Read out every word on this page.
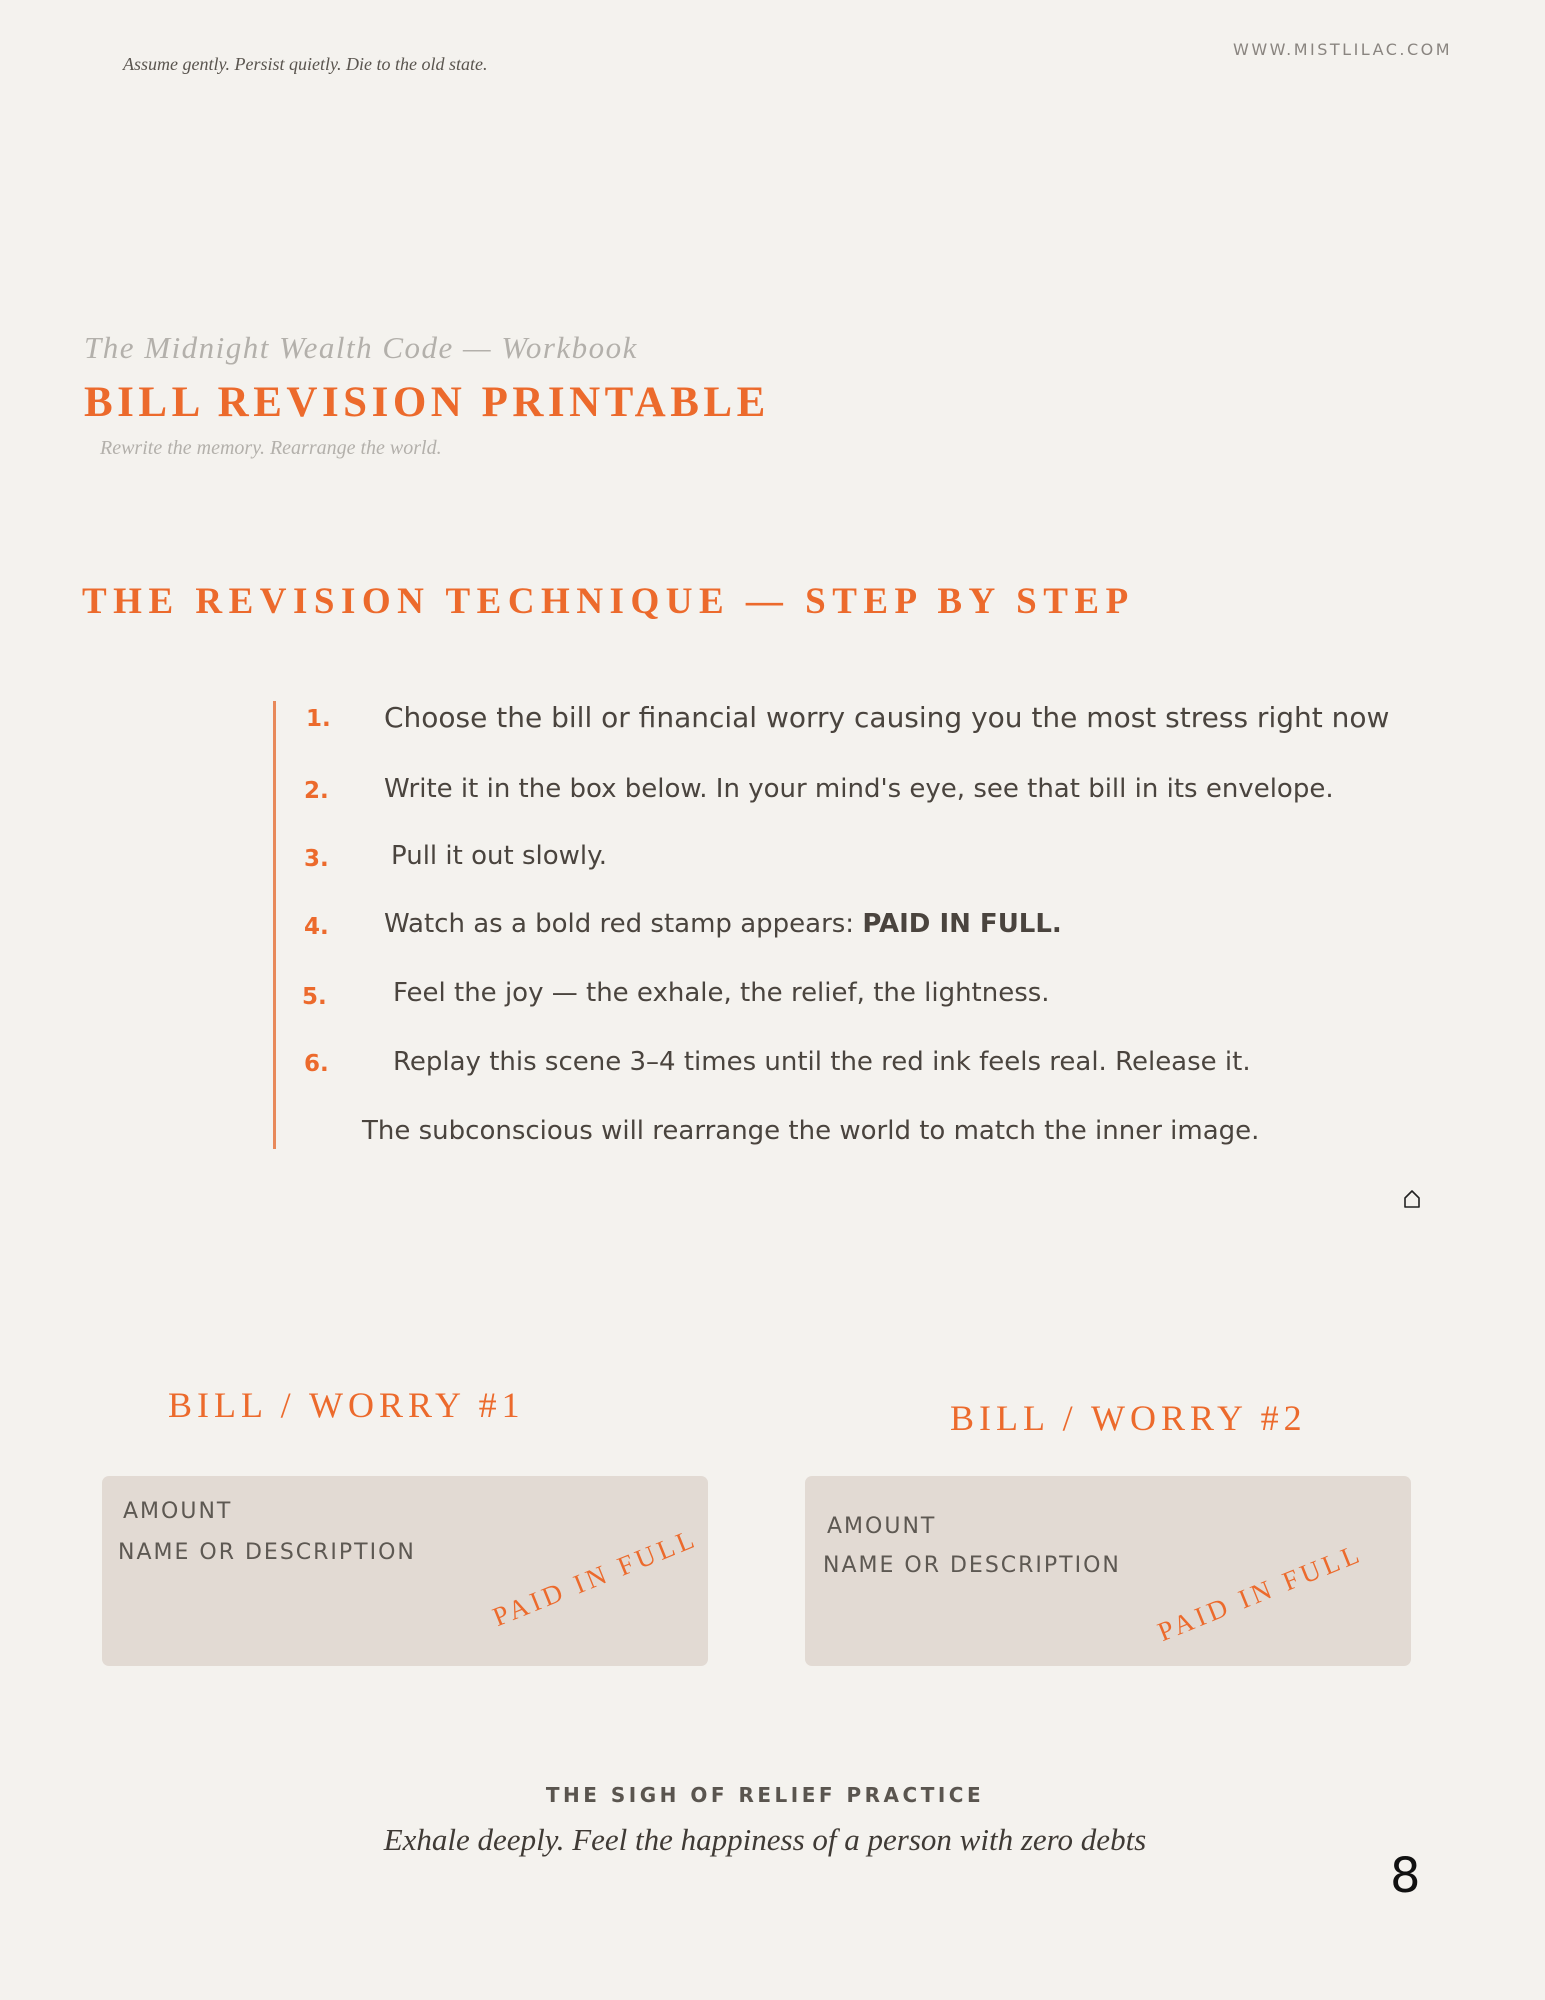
Assume gently. Persist quietly. Die to the old state.
WWW.MISTLILAC.COM
The Midnight Wealth Code — Workbook
BILL REVISION PRINTABLE
Rewrite the memory. Rearrange the world.
THE REVISION TECHNIQUE — STEP BY STEP
1. Choose the bill or financial worry causing you the most stress right now
2. Write it in the box below. In your mind's eye, see that bill in its envelope.
3. Pull it out slowly.
4. Watch as a bold red stamp appears: PAID IN FULL.
5.	Feel the joy — the exhale, the relief, the lightness.
6. Replay this scene 3–4 times until the red ink feels real. Release it.
The subconscious will rearrange the world to match the inner image.
BILL / WORRY #1
AMOUNT
NAME OR DESCRIPTION	PAID IN FULL
BILL / WORRY #2
AMOUNT
NAME OR DESCRIPTION PAID IN FULL
THE SIGH OF RELIEF PRACTICE
Exhale deeply. Feel the happiness of a person with zero debts
8
